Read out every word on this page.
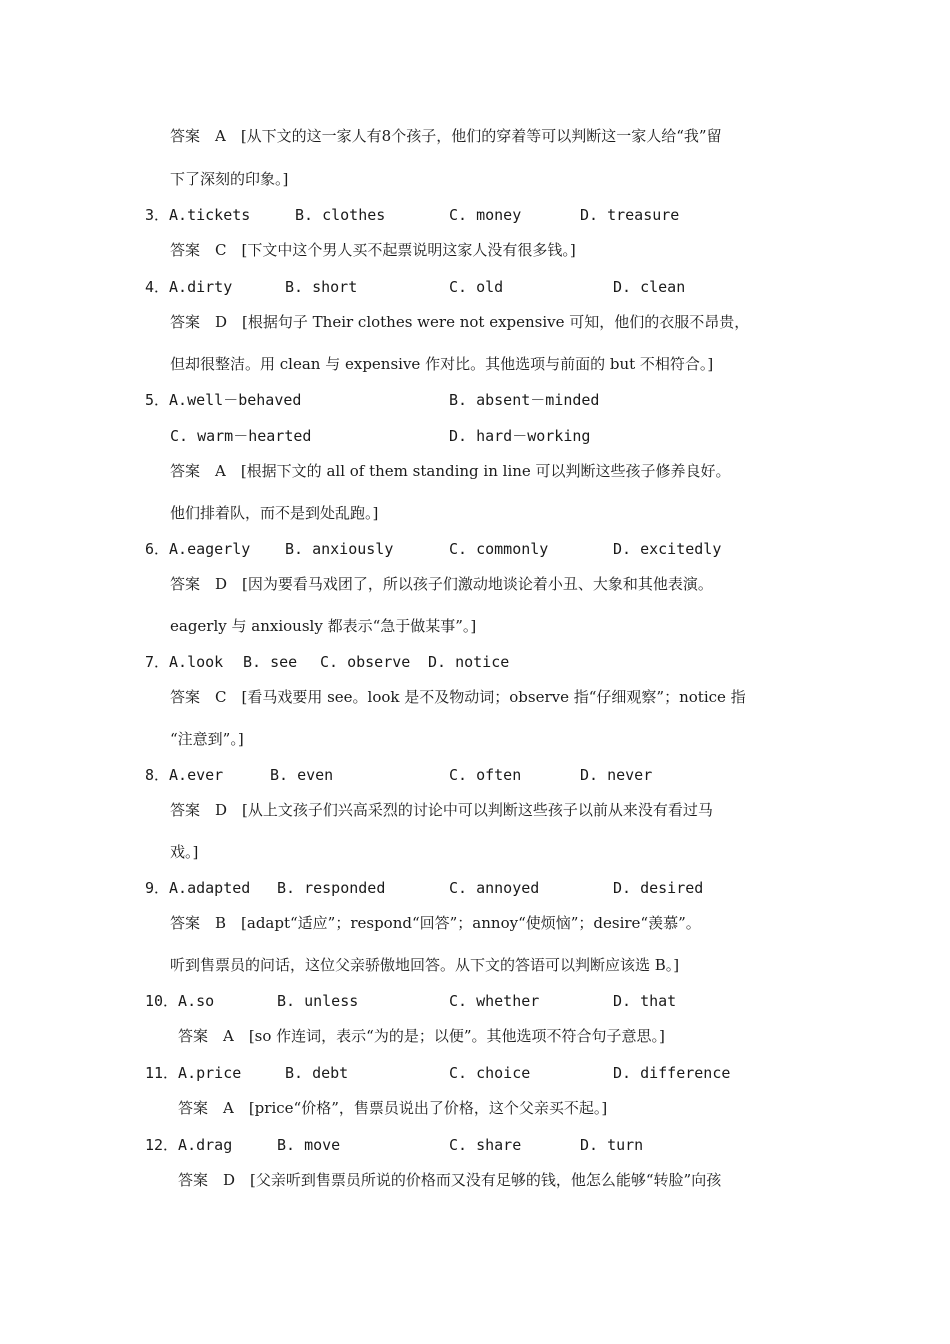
答案　A　[从下文的这一家人有8个孩子，他们的穿着等可以判断这一家人给“我”留
下了深刻的印象。]
3．A.tickets	B. clothes	C. money	D. treasure
答案　C　[下文中这个男人买不起票说明这家人没有很多钱。]
4．A.dirty	B. short	C. old	D. clean
答案　D　[根据句子 Their clothes were not expensive 可知，他们的衣服不昂贵，
但却很整洁。用 clean 与 expensive 作对比。其他选项与前面的 but 不相符合。]
5．A.well－behaved	B. absent－minded
C. warm－hearted	D. hard－working
答案　A　[根据下文的 all of them standing in line 可以判断这些孩子修养良好。
他们排着队，而不是到处乱跑。]
6．A.eagerly B. anxiously	C. commonly	D. excitedly
答案　D　[因为要看马戏团了，所以孩子们激动地谈论着小丑、大象和其他表演。
eagerly 与 anxiously 都表示“急于做某事”。]
7．A.look B. see C. observe D. notice
答案　C　[看马戏要用 see。look 是不及物动词；observe 指“仔细观察”；notice 指
“注意到”。]
8．A.ever	B. even	C. often	D. never
答案　D　[从上文孩子们兴高采烈的讨论中可以判断这些孩子以前从来没有看过马
戏。]
9．A.adapted B. responded	C. annoyed	D. desired
答案　B　[adapt“适应”；respond“回答”；annoy“使烦恼”；desire“羡慕”。
听到售票员的问话，这位父亲骄傲地回答。从下文的答语可以判断应该选 B。]
10．A.so	B. unless	C. whether	D. that
答案　A　[so 作连词，表示“为的是；以便”。其他选项不符合句子意思。]
11．A.price	B. debt	C. choice	D. difference
答案　A　[price“价格”，售票员说出了价格，这个父亲买不起。]
12．A.drag	B. move	C. share	D. turn
答案　D　[父亲听到售票员所说的价格而又没有足够的钱，他怎么能够“转脸”向孩
